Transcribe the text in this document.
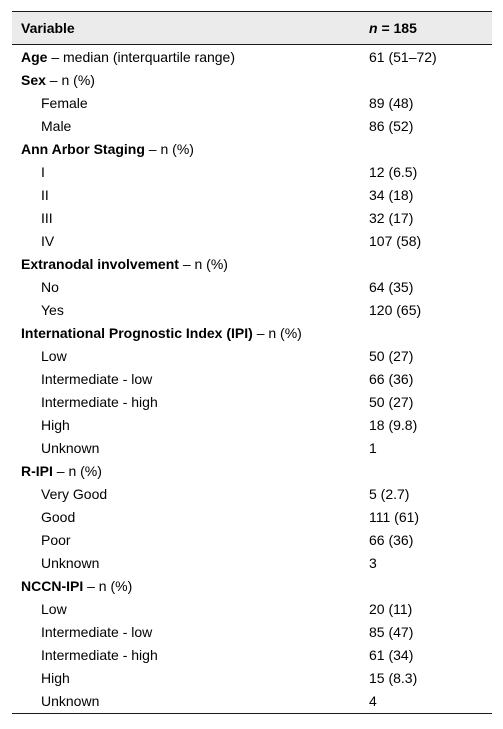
Variable	n = 185
Age – median (interquartile range)	61 (51–72)
Sex – n (%)
Female	89 (48)
Male	86 (52)
Ann Arbor Staging – n (%)
I	12 (6.5)
II	34 (18)
III	32 (17)
IV	107 (58)
Extranodal involvement – n (%)
No	64 (35)
Yes	120 (65)
International Prognostic Index (IPI) – n (%)
Low	50 (27)
Intermediate - low	66 (36)
Intermediate - high	50 (27)
High	18 (9.8)
Unknown	1
R-IPI – n (%)
Very Good	5 (2.7)
Good	111 (61)
Poor	66 (36)
Unknown	3
NCCN-IPI – n (%)
Low	20 (11)
Intermediate - low	85 (47)
Intermediate - high	61 (34)
High	15 (8.3)
Unknown	4
